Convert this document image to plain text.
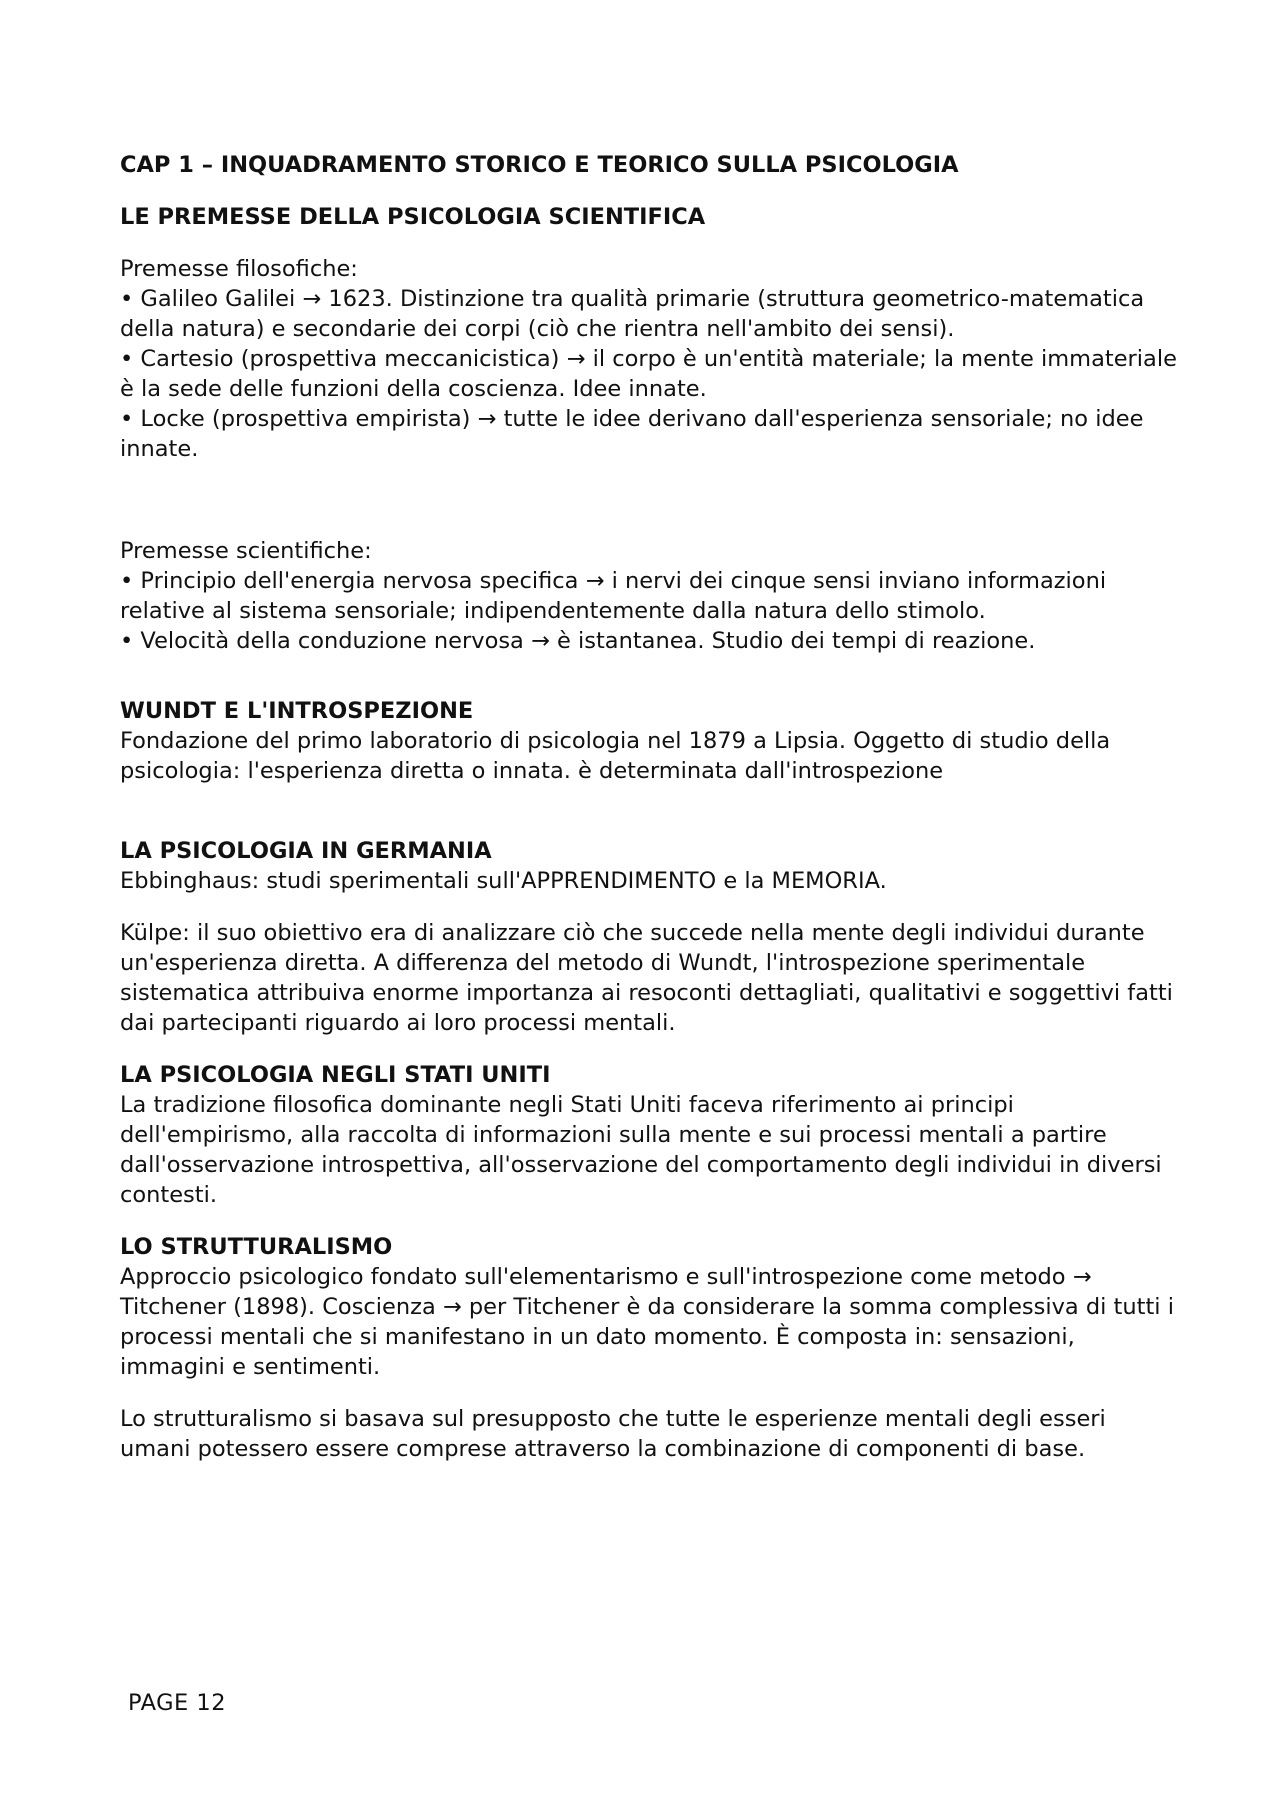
CAP 1 – INQUADRAMENTO STORICO E TEORICO SULLA PSICOLOGIA

LE PREMESSE DELLA PSICOLOGIA SCIENTIFICA

Premesse filosofiche:

• Galileo Galilei → 1623. Distinzione tra qualità primarie (struttura geometrico-matematica della natura) e secondarie dei corpi (ciò che rientra nell'ambito dei sensi).

• Cartesio (prospettiva meccanicistica) → il corpo è un'entità materiale; la mente immateriale è la sede delle funzioni della coscienza. Idee innate.

• Locke (prospettiva empirista) → tutte le idee derivano dall'esperienza sensoriale; no idee innate.

Premesse scientifiche:

• Principio dell'energia nervosa specifica → i nervi dei cinque sensi inviano informazioni relative al sistema sensoriale; indipendentemente dalla natura dello stimolo.

• Velocità della conduzione nervosa → è istantanea. Studio dei tempi di reazione.

WUNDT E L'INTROSPEZIONE

Fondazione del primo laboratorio di psicologia nel 1879 a Lipsia. Oggetto di studio della psicologia: l'esperienza diretta o innata. è determinata dall'introspezione

LA PSICOLOGIA IN GERMANIA

Ebbinghaus: studi sperimentali sull'APPRENDIMENTO e la MEMORIA.

Külpe: il suo obiettivo era di analizzare ciò che succede nella mente degli individui durante un'esperienza diretta. A differenza del metodo di Wundt, l'introspezione sperimentale sistematica attribuiva enorme importanza ai resoconti dettagliati, qualitativi e soggettivi fatti dai partecipanti riguardo ai loro processi mentali.

LA PSICOLOGIA NEGLI STATI UNITI

La tradizione filosofica dominante negli Stati Uniti faceva riferimento ai principi dell'empirismo, alla raccolta di informazioni sulla mente e sui processi mentali a partire dall'osservazione introspettiva, all'osservazione del comportamento degli individui in diversi contesti.

LO STRUTTURALISMO

Approccio psicologico fondato sull'elementarismo e sull'introspezione come metodo → Titchener (1898). Coscienza → per Titchener è da considerare la somma complessiva di tutti i processi mentali che si manifestano in un dato momento. È composta in: sensazioni, immagini e sentimenti.

Lo strutturalismo si basava sul presupposto che tutte le esperienze mentali degli esseri umani potessero essere comprese attraverso la combinazione di componenti di base.

PAGE 12
